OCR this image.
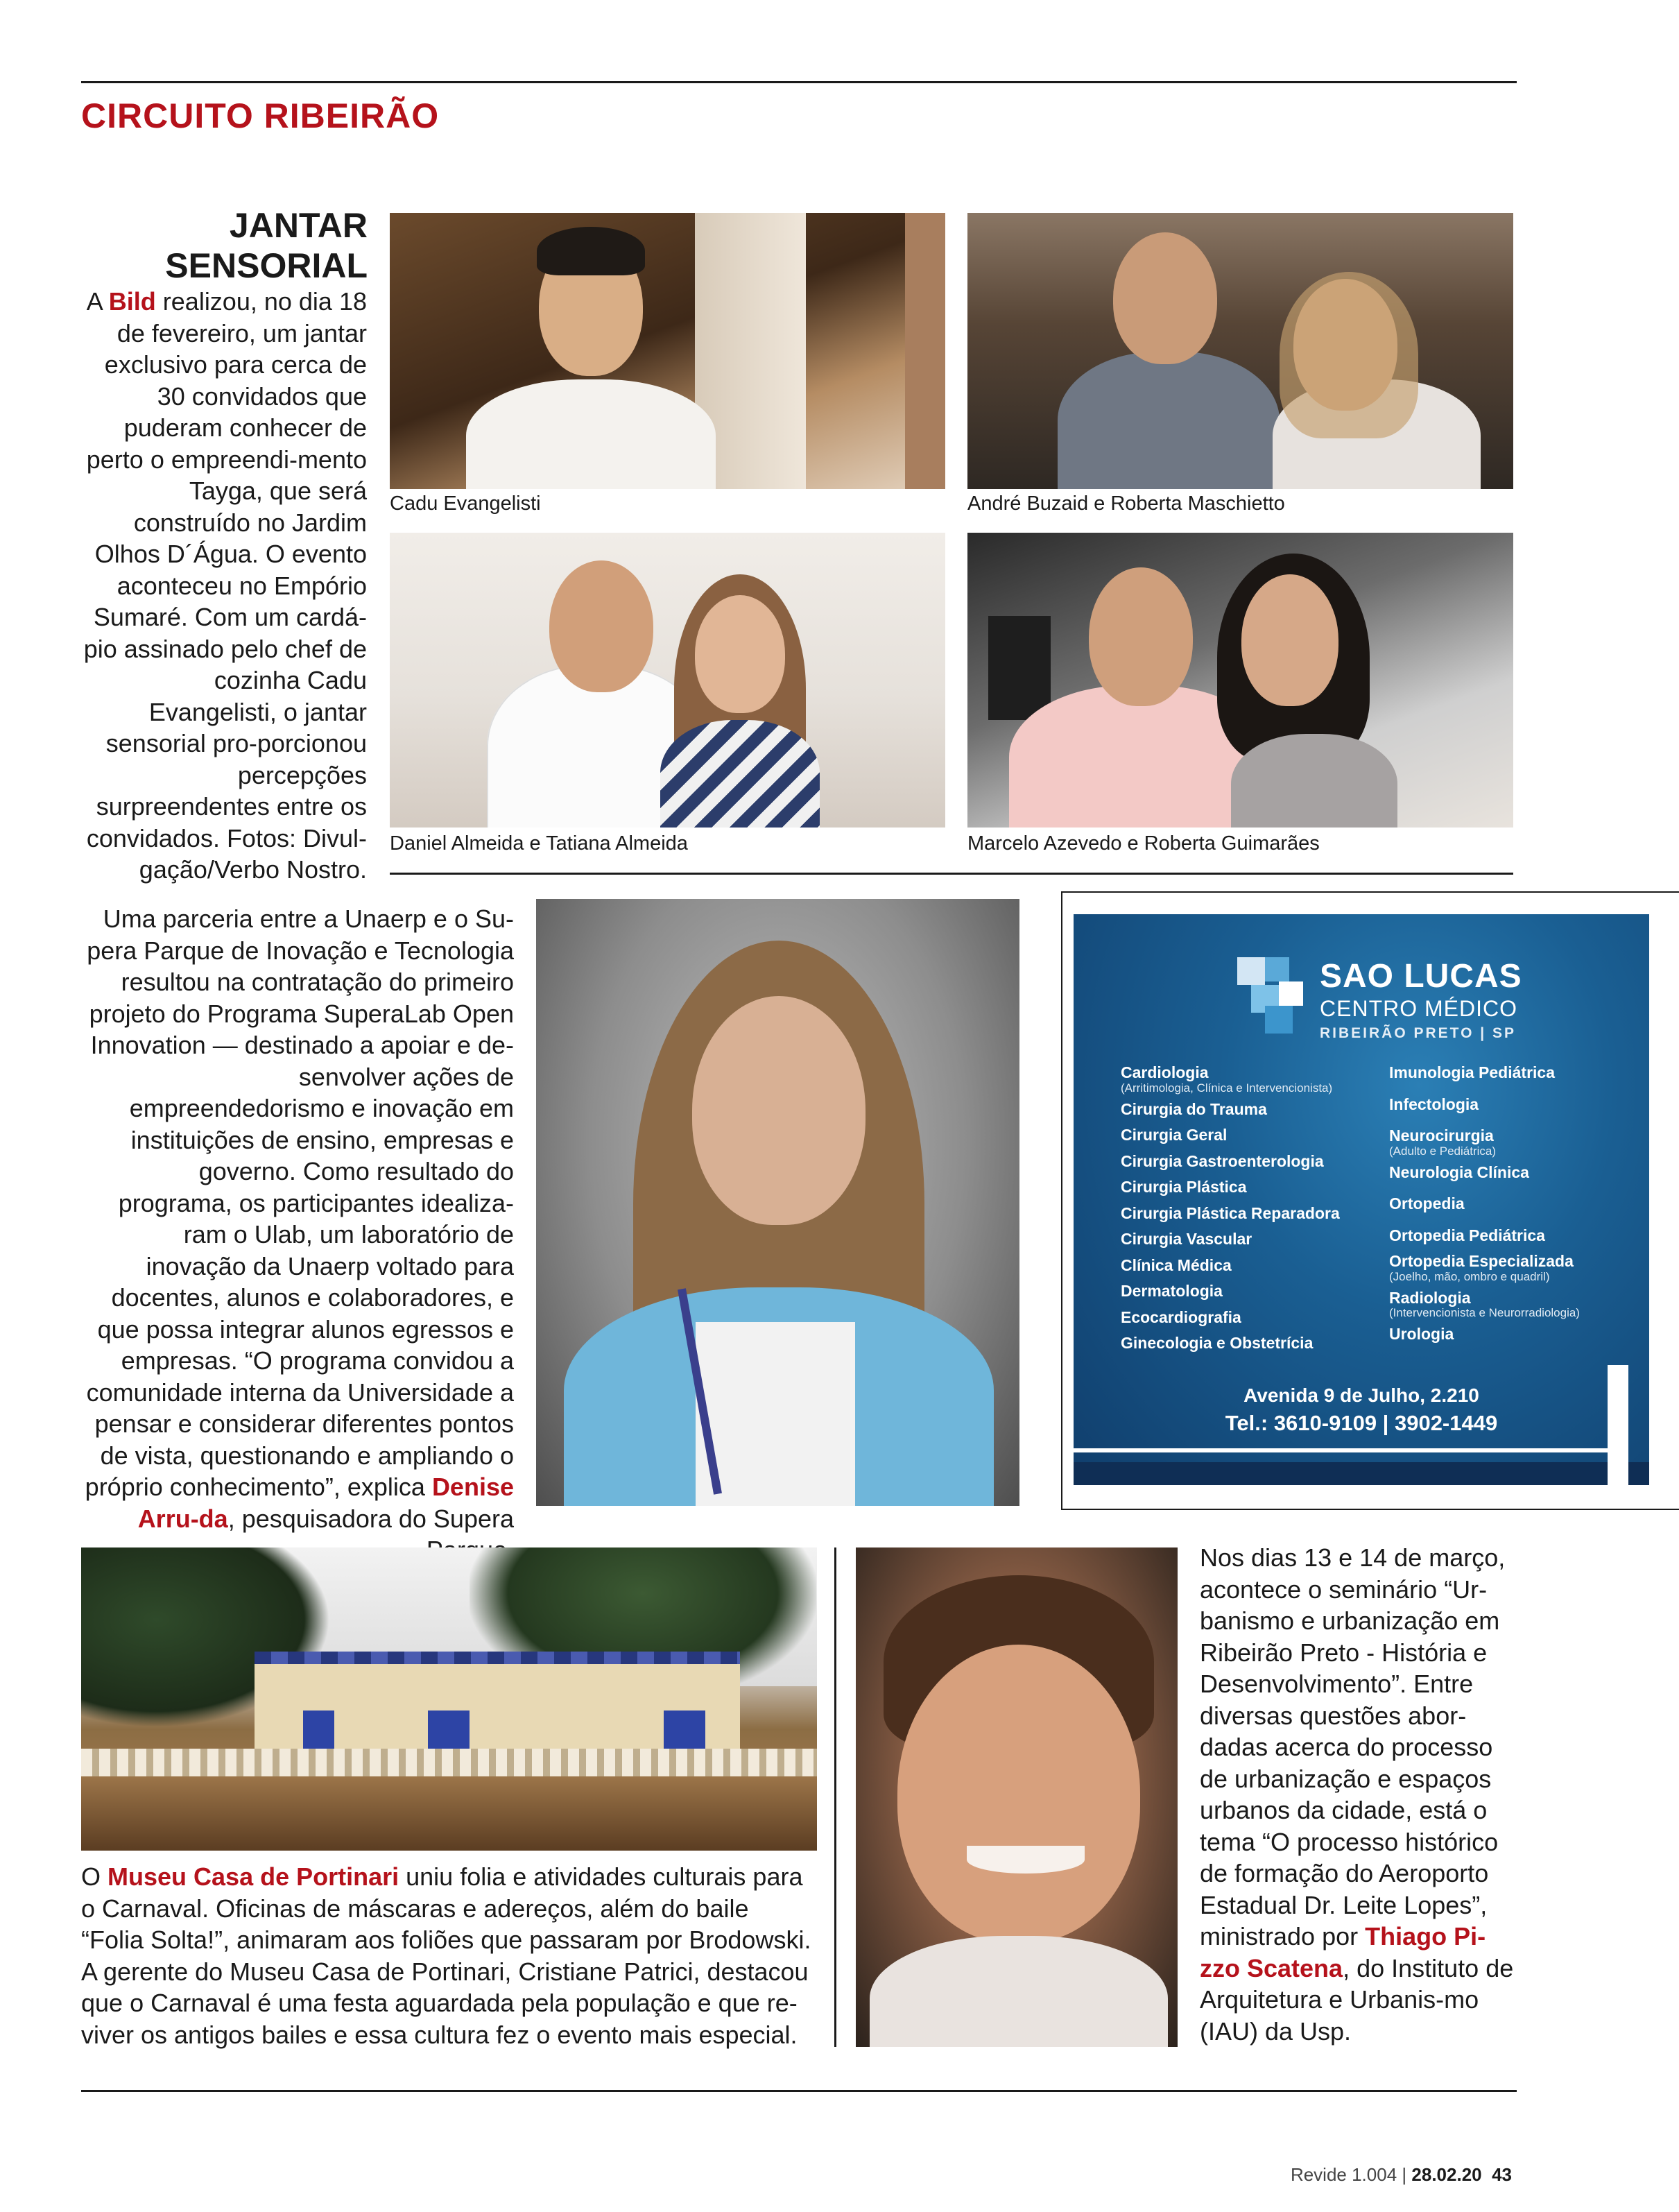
CIRCUITO RIBEIRÃO
JANTAR
SENSORIAL
A Bild realizou, no dia 18 de fevereiro, um jantar exclusivo para cerca de 30 convidados que puderam conhecer de perto o empreendi-mento Tayga, que será construído no Jardim Olhos D´Água. O evento aconteceu no Empório Sumaré. Com um cardá-pio assinado pelo chef de cozinha Cadu Evangelisti, o jantar sensorial pro-porcionou percepções surpreendentes entre os convidados. Fotos: Divul-gação/Verbo Nostro.
Cadu Evangelisti	André Buzaid e Roberta Maschietto
Daniel Almeida e Tatiana Almeida	Marcelo Azevedo e Roberta Guimarães
Uma parceria entre a Unaerp e o Su-pera Parque de Inovação e Tecnologia resultou na contratação do primeiro projeto do Programa SuperaLab Open Innovation — destinado a apoiar e de-senvolver ações de empreendedorismo e inovação em instituições de ensino, empresas e governo. Como resultado do programa, os participantes idealiza-ram o Ulab, um laboratório de inovação da Unaerp voltado para docentes, alunos e colaboradores, e que possa integrar alunos egressos e empresas. “O programa convidou a comunidade interna da Universidade a pensar e considerar diferentes pontos de vista, questionando e ampliando o próprio conhecimento”, explica Denise Arru-da, pesquisadora do Supera
SAO LUCAS
CENTRO MÉDICO
RIBEIRÃO PRETO | SP
Cardiologia
(Arritimologia, Clínica e Intervencionista)
Cirurgia do Trauma
Cirurgia Geral
Cirurgia Gastroenterologia
Cirurgia Plástica
Cirurgia Plástica Reparadora
Cirurgia Vascular
Clínica Médica
Dermatologia
Ecocardiografia
Ginecologia e Obstetrícia
Imunologia Pediátrica
Infectologia
Neurocirurgia
(Adulto e Pediátrica)
Neurologia Clínica
Ortopedia
Ortopedia Pediátrica
Ortopedia Especializada
(Joelho, mão, ombro e quadril)
Radiologia
(Intervencionista e Neurorradiologia)
Urologia
Avenida 9 de Julho, 2.210
Tel.: 3610-9109 | 3902-1449
O Museu Casa de Portinari uniu folia e atividades culturais para o Carnaval. Oficinas de máscaras e adereços, além do baile “Folia Solta!”, animaram aos foliões que passaram por Brodowski. A gerente do Museu Casa de Portinari, Cristiane Patrici, destacou que o Carnaval é uma festa aguardada pela população e que re-viver os antigos bailes e essa cultura fez o evento mais especial.
Nos dias 13 e 14 de março, acontece o seminário “Ur-banismo e urbanização em Ribeirão Preto - História e Desenvolvimento”. Entre diversas questões abor-dadas acerca do processo de urbanização e espaços urbanos da cidade, está o tema “O processo histórico de formação do Aeroporto Estadual Dr. Leite Lopes”, ministrado por Thiago Pi-zzo Scatena, do Instituto de Arquitetura e Urbanis-mo (IAU) da Usp.
Revide 1.004 | 28.02.20 43
